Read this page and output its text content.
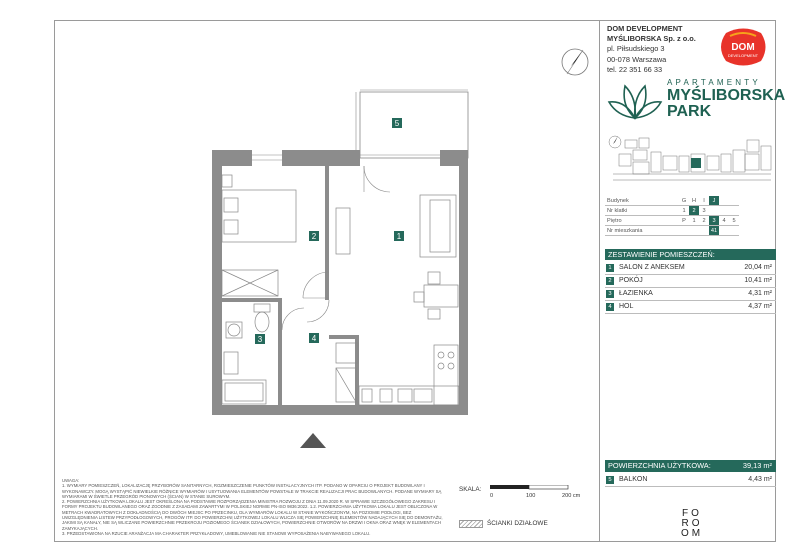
1
2
3	4
5
DOM DEVELOPMENT
MYŚLIBORSKA Sp. z o.o.
pl. Piłsudskiego 3
00-078 Warszawa
tel. 22 351 66 33
DOM
DEVELOPMENT
APARTAMENTY
MYŚLIBORSKA
PARK
Budynek	G	H	I	J		
Nr klatki	1	2	3			
Piętro	P	1	2	3	4	5
Nr mieszkania				41		
ZESTAWIENIE POMIESZCZEŃ:
1	SALON Z ANEKSEM	20,04 m²
2	POKÓJ	10,41 m²
3	ŁAZIENKA	4,31 m²
4	HOL	4,37 m²
POWIERZCHNIA UŻYTKOWA:	39,13 m²
5	BALKON	4,43 m²

UWAGA:

1. WYMIARY POMIESZCZEŃ, LOKALIZACJĘ PRZYBORÓW SANITARNYCH, ROZMIESZCZENIE PUNKTÓW INSTALACYJNYCH ITP. PODANO W OPARCIU O PROJEKT BUDOWLANY I WYKONAWCZY. MOGĄ WYSTĄPIĆ NIEWIELKIE RÓŻNICE WYMIARÓW I USYTUOWANIA ELEMENTÓW POWSTAŁE W TRAKCIE REALIZACJI PRAC BUDOWLANYCH. PODANE WYMIARY SĄ WYMIARAMI W ŚWIETLE PRZEGRÓD PIONOWYCH (ŚCIAN) W STANIE SUROWYM.

2. POWIERZCHNIA UŻYTKOWA LOKALU JEST OKREŚLONA NA PODSTAWIE ROZPORZĄDZENIA MINISTRA ROZWOJU Z DNIA 11.09.2020 R. W SPRAWIE SZCZEGÓŁOWEGO ZAKRESU I FORMY PROJEKTU BUDOWLANEGO ORAZ ZGODNIE Z ZASADAMI ZAWARTYMI W POLSKIEJ NORMIE PN-ISO 9836:2022. 1.2. POWIERZCHNIA UŻYTKOWA LOKALU JEST OBLICZONA W METRACH KWADRATOWYCH Z DOKŁADNOŚCIĄ DO DWÓCH MIEJSC PO PRZECINKU, DLA WYMIARÓW LOKALU W STANIE WYKOŃCZONYM, NA POZIOMIE PODŁOGI, BEZ UWZGLĘDNIENIA LISTEW PRZYPODŁOGOWYCH, PROGÓW ITP. DO POWIERZCHNI UŻYTKOWEJ LOKALU WLICZA SIĘ POWIERZCHNIĘ ELEMENTÓW NADAJĄCYCH SIĘ DO DEMONTAŻU, JAKIMI SĄ KANAŁY, NIE SĄ WLICZANE POWIERZCHNIE PRZEKROJU POZIOMEGO ŚCIANEK DZIAŁOWYCH, POWIERZCHNIE OTWORÓW NA DRZWI I OKNA ORAZ WNĘK W ELEMENTACH ZAMYKAJĄCYCH.

3. PRZEDSTAWIONA NA RZUCIE ARANŻACJA MA CHARAKTER PRZYKŁADOWY, UMEBLOWANIE NIE STANOWI WYPOSAŻENIA NABYWANEGO LOKALU.

SKALA:
0	100	200 cm
ŚCIANKI DZIAŁOWE
FO
RO
OM
